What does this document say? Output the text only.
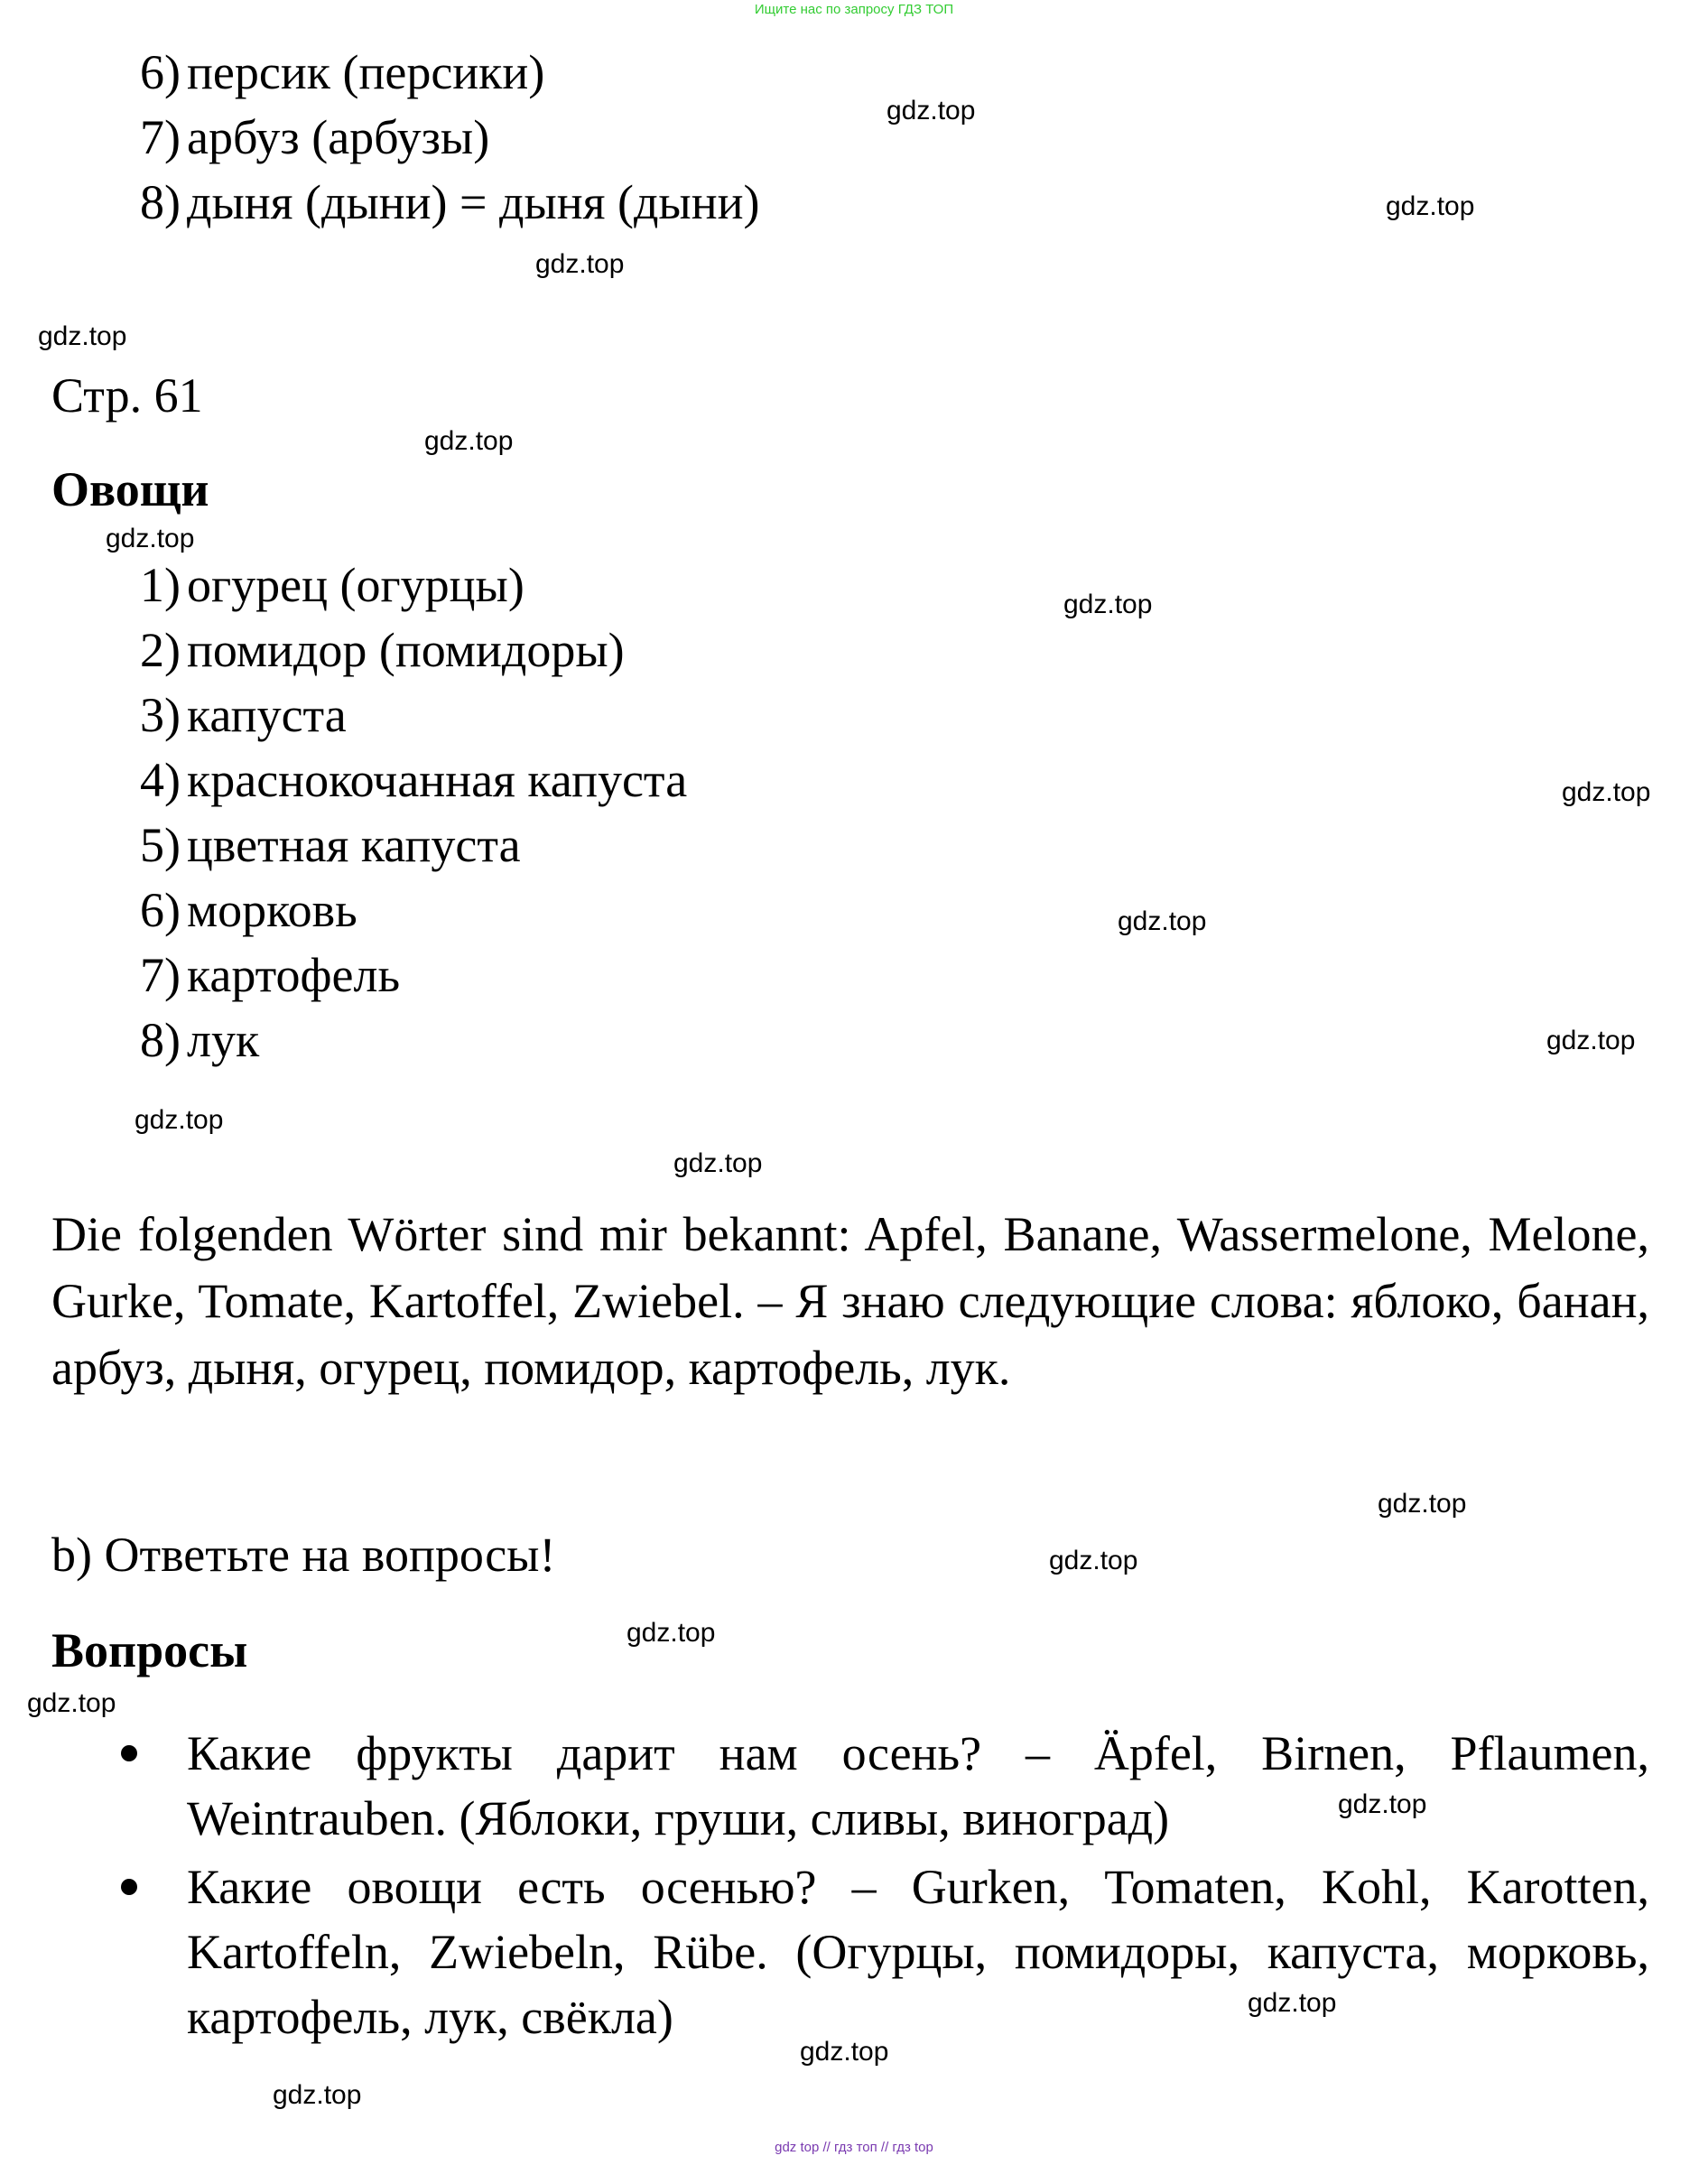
Ищите нас по запросу ГДЗ ТОП
6) персик (персики)
7) арбуз (арбузы)
8) дыня (дыни) = дыня (дыни)
Стр. 61
Овощи
1) огурец (огурцы)
2) помидор (помидоры)
3) капуста
4) краснокочанная капуста
5) цветная капуста
6) морковь
7) картофель
8) лук
Die folgenden Wörter sind mir bekannt: Apfel, Banane, Wassermelone, Melone, Gurke, Tomate, Kartoffel, Zwiebel. – Я знаю следующие слова: яблоко, банан, арбуз, дыня, огурец, помидор, картофель, лук.
b) Ответьте на вопросы!
Вопросы
Какие фрукты дарит нам осень? – Äpfel, Birnen, Pflaumen, Weintrauben. (Яблоки, груши, сливы, виноград)
Какие овощи есть осенью? – Gurken, Tomaten, Kohl, Karotten, Kartoffeln, Zwiebeln, Rübe. (Огурцы, помидоры, капуста, морковь, картофель, лук, свёкла)
gdz.top
gdz.top
gdz.top
gdz.top
gdz.top
gdz.top
gdz.top
gdz.top
gdz.top
gdz.top
gdz.top
gdz.top
gdz.top
gdz.top
gdz.top
gdz.top
gdz.top
gdz.top
gdz.top
gdz.top
gdz top // гдз топ // гдз top
